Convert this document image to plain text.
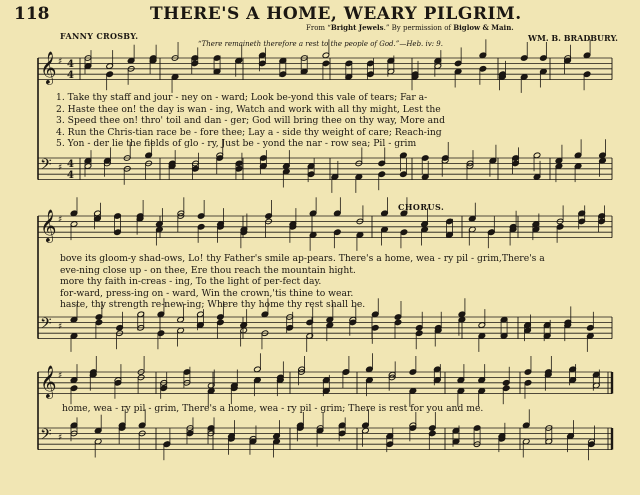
𝄞 ♯ 4
4
𝄢 ♯ 4
4
𝄞 ♯
𝄢 ♯
𝄞 ♯
𝄢 ♯
118	THERE'S A HOME, WEARY PILGRIM.
FANNY CROSBY.
From “Bright Jewels.” By permission of Biglow & Main.
WM. B. BRADBURY.
“There remaineth therefore a rest to the people of God.”—Heb. iv: 9.
1. Take thy staff and jour - ney on - ward; Look be-yond this vale of tears; Far a-
2. Haste thee on! the day is wan - ing, Watch and work with all thy might, Lest the
3. Speed thee on! thro' toil and dan - ger; God will bring thee on thy way, More and
4. Run the Chris-tian race be - fore thee; Lay a - side thy weight of care; Reach-ing
5. Yon - der lie the fields of glo - ry, Just be - yond the nar - row sea; Pil - grim
bove its gloom-y shad-ows, Lo! thy Father's smile ap-pears. There's a home, wea - ry pil - grim,There's a
eve-ning close up - on thee, Ere thou reach the mountain hight.
more thy faith in-creas - ing, To the light of per-fect day.
for-ward, press-ing on - ward, Win the crown,'tis thine to wear.
haste, thy strength re-new-ing; Where thy home thy rest shall be.
CHORUS.
home, wea - ry pil - grim, There's a home, wea - ry pil - grim; There is rest for you and me.
